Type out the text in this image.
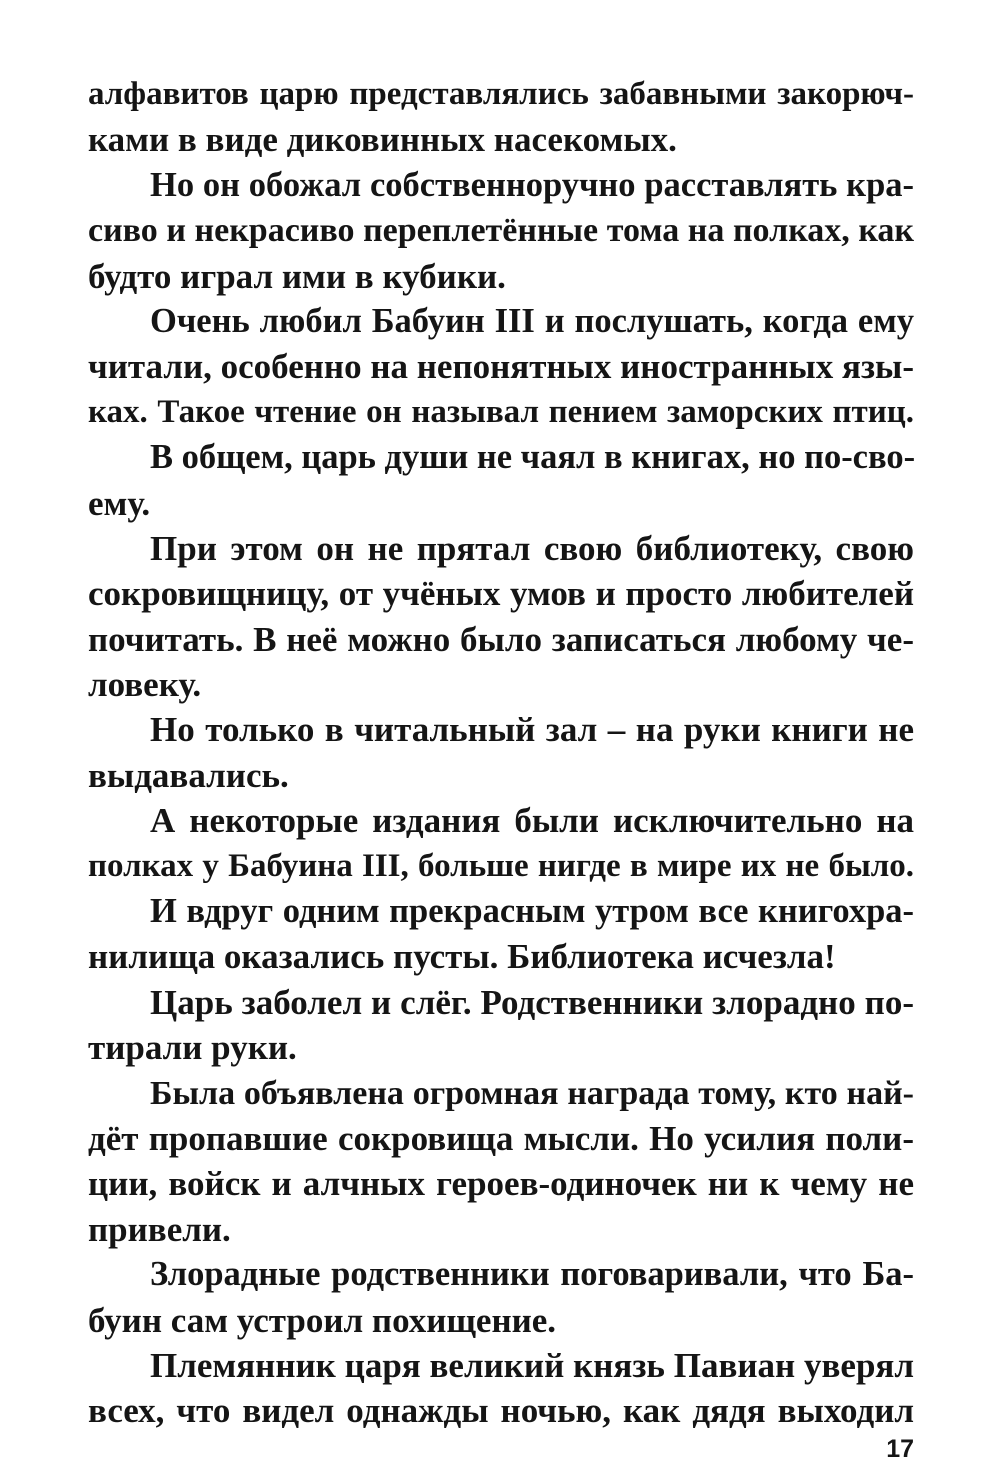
алфавитов царю представлялись забавными закорюч-
ками в виде диковинных насекомых.
Но он обожал собственноручно расставлять кра-
сиво и некрасиво переплетённые тома на полках, как
будто играл ими в кубики.
Очень любил Бабуин III и послушать, когда ему
читали, особенно на непонятных иностранных язы-
ках. Такое чтение он называл пением заморских птиц.
В общем, царь души не чаял в книгах, но по-сво-
ему.
При этом он не прятал свою библиотеку, свою
сокровищницу, от учёных умов и просто любителей
почитать. В неё можно было записаться любому че-
ловеку.
Но только в читальный зал – на руки книги не
выдавались.
А некоторые издания были исключительно на
полках у Бабуина III, больше нигде в мире их не было.
И вдруг одним прекрасным утром все книгохра-
нилища оказались пусты. Библиотека исчезла!
Царь заболел и слёг. Родственники злорадно по-
тирали руки.
Была объявлена огромная награда тому, кто най-
дёт пропавшие сокровища мысли. Но усилия поли-
ции, войск и алчных героев-одиночек ни к чему не
привели.
Злорадные родственники поговаривали, что Ба-
буин сам устроил похищение.
Племянник царя великий князь Павиан уверял
всех, что видел однажды ночью, как дядя выходил
17
